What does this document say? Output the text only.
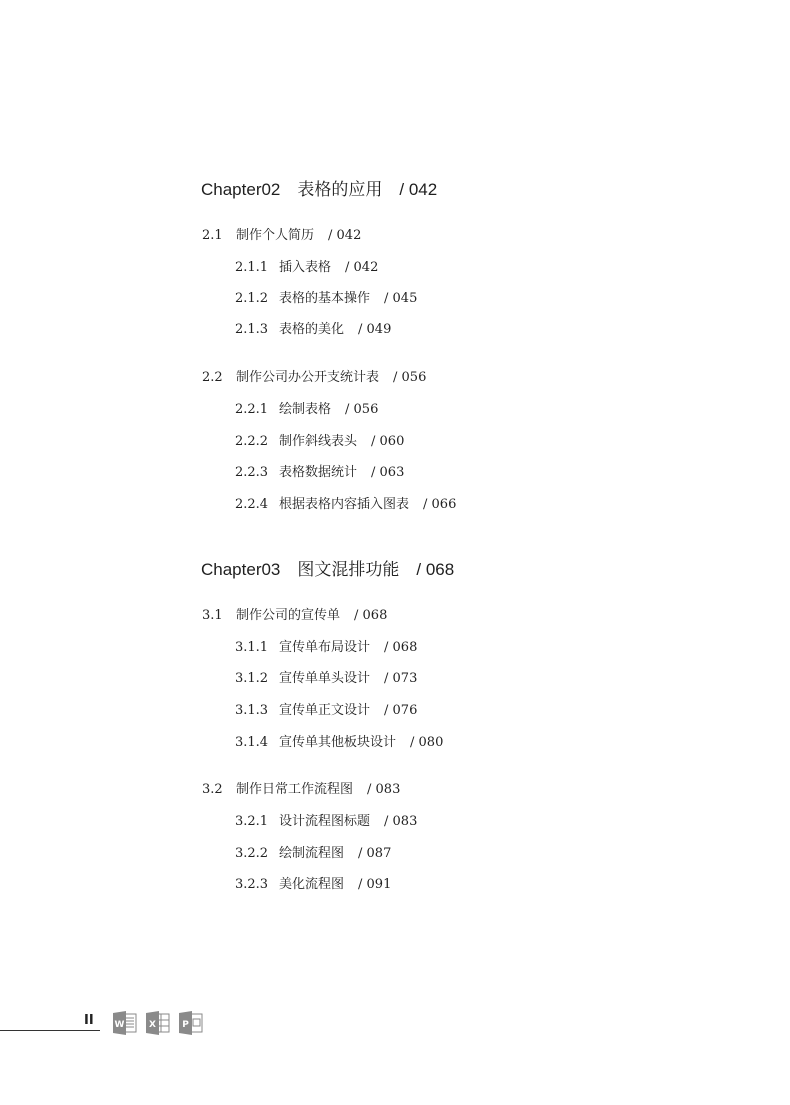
Chapter02　表格的应用　/ 042
2.1 制作个人简历 / 042
2.1.1 插入表格 / 042
2.1.2 表格的基本操作 / 045
2.1.3 表格的美化 / 049
2.2 制作公司办公开支统计表 / 056
2.2.1 绘制表格 / 056
2.2.2 制作斜线表头 / 060
2.2.3 表格数据统计 / 063
2.2.4 根据表格内容插入图表 / 066
Chapter03　图文混排功能　/ 068
3.1 制作公司的宣传单 / 068
3.1.1 宣传单布局设计 / 068
3.1.2 宣传单单头设计 / 073
3.1.3 宣传单正文设计 / 076
3.1.4 宣传单其他板块设计 / 080
3.2 制作日常工作流程图 / 083
3.2.1 设计流程图标题 / 083
3.2.2 绘制流程图 / 087
3.2.3 美化流程图 / 091
II W	X	P
